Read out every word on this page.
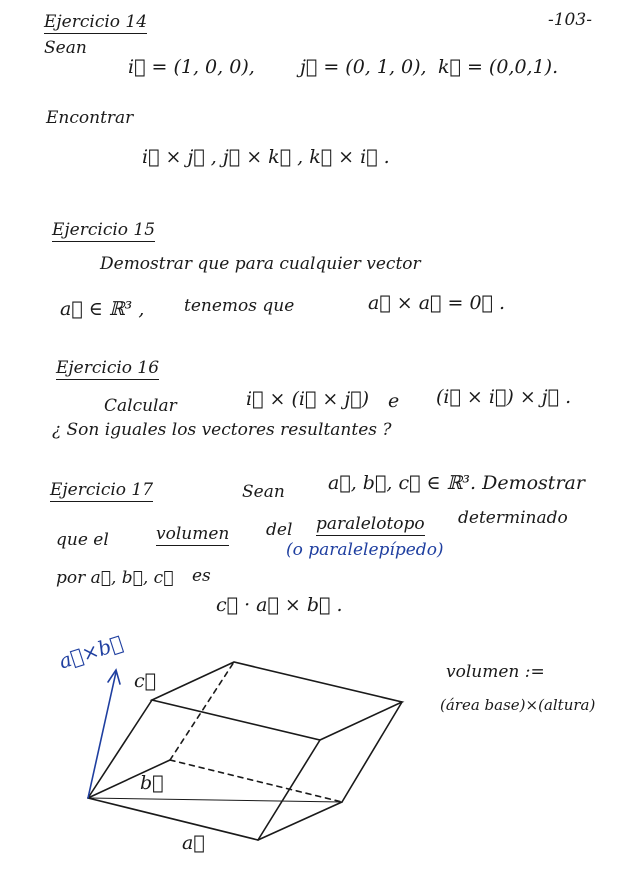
-103-
Ejercicio 14
Sean
i⃗ = (1, 0, 0), j⃗ = (0, 1, 0), k⃗ = (0,0,1).
Encontrar
i⃗ × j⃗ , j⃗ × k⃗ , k⃗ × i⃗ .
Ejercicio 15
Demostrar que para cualquier vector
a⃗ ∈ ℝ³ , tenemos que	a⃗ × a⃗ = 0⃗ .
Ejercicio 16
Calcular	i⃗ × (i⃗ × j⃗) e (i⃗ × i⃗) × j⃗ .
¿ Son iguales los vectores resultantes ?
Ejercicio 17	Sean a⃗, b⃗, c⃗ ∈ ℝ³. Demostrar
que el	volumen del paralelotopo determinado
(o paralelepípedo)
por a⃗, b⃗, c⃗ es
c⃗ · a⃗ × b⃗ .
a⃗×b⃗
c⃗
b⃗
a⃗
volumen :=
(área base)×(altura)
